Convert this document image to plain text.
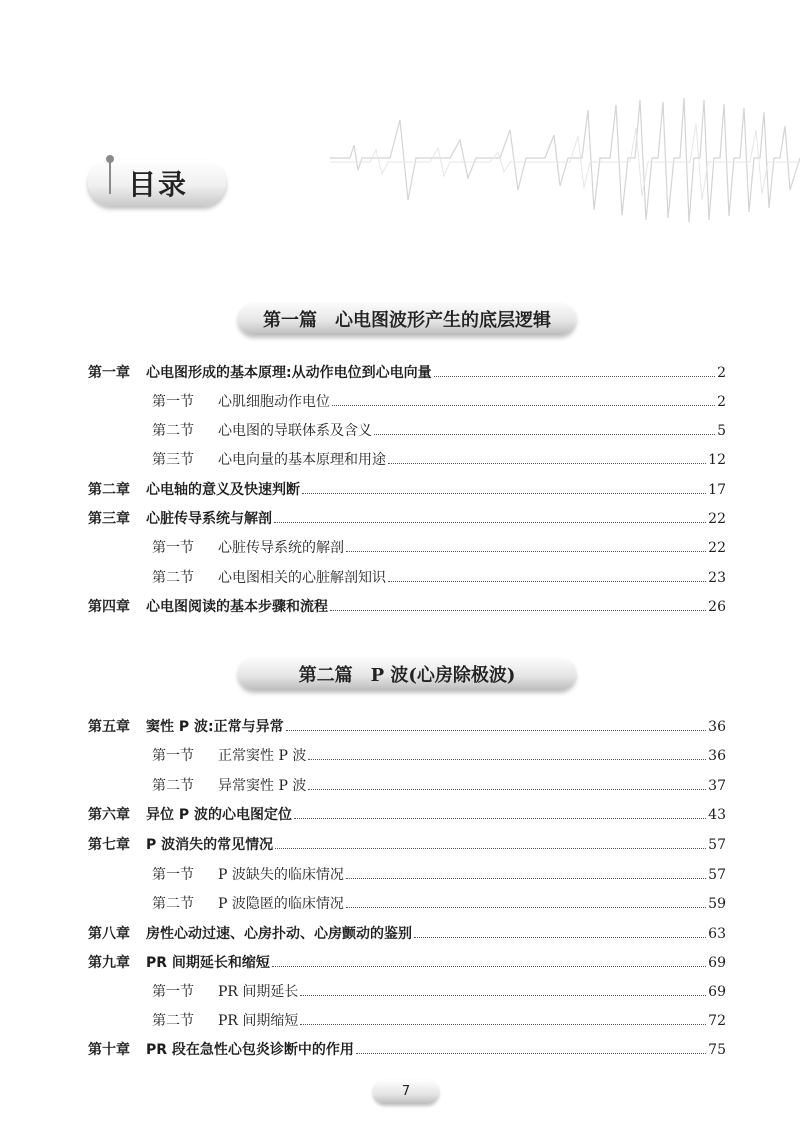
目录
第一篇 心电图波形产生的底层逻辑
第二篇 P 波(心房除极波)
第一章 心电图形成的基本原理:从动作电位到心电向量	2
第一节 心肌细胞动作电位	2
第二节 心电图的导联体系及含义	5
第三节 心电向量的基本原理和用途	12
第二章 心电轴的意义及快速判断	17
第三章 心脏传导系统与解剖	22
第一节 心脏传导系统的解剖	22
第二节 心电图相关的心脏解剖知识	23
第四章 心电图阅读的基本步骤和流程	26
第五章 窦性 P 波:正常与异常	36
第一节 正常窦性 P 波	36
第二节 异常窦性 P 波	37
第六章 异位 P 波的心电图定位	43
第七章 P 波消失的常见情况	57
第一节 P 波缺失的临床情况	57
第二节 P 波隐匿的临床情况	59
第八章 房性心动过速、心房扑动、心房颤动的鉴别	63
第九章 PR 间期延长和缩短	69
第一节 PR 间期延长	69
第二节 PR 间期缩短	72
第十章 PR 段在急性心包炎诊断中的作用	75
7
